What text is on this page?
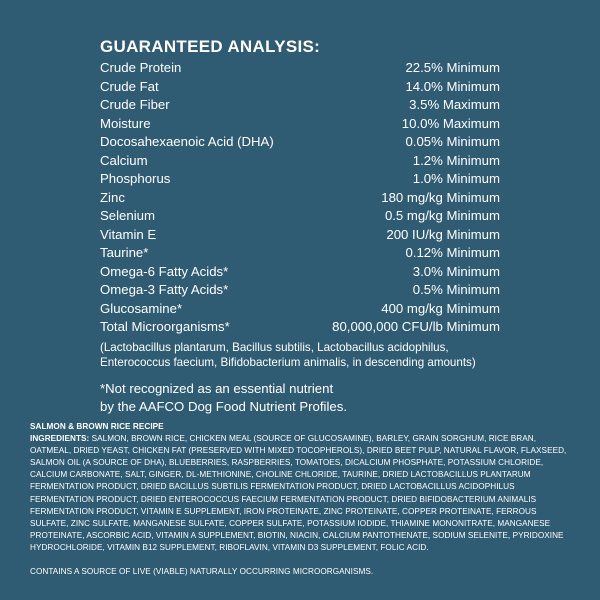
GUARANTEED ANALYSIS:
Crude Protein	22.5% Minimum
Crude Fat	14.0% Minimum
Crude Fiber	3.5% Maximum
Moisture	10.0% Maximum
Docosahexaenoic Acid (DHA)	0.05% Minimum
Calcium	1.2% Minimum
Phosphorus	1.0% Minimum
Zinc	180 mg/kg Minimum
Selenium	0.5 mg/kg Minimum
Vitamin E	200 IU/kg Minimum
Taurine*	0.12% Minimum
Omega-6 Fatty Acids*	3.0% Minimum
Omega-3 Fatty Acids*	0.5% Minimum
Glucosamine*	400 mg/kg Minimum
Total Microorganisms*	80,000,000 CFU/lb Minimum
(Lactobacillus plantarum, Bacillus subtilis, Lactobacillus acidophilus,
Enterococcus faecium, Bifidobacterium animalis, in descending amounts)
*Not recognized as an essential nutrient
by the AAFCO Dog Food Nutrient Profiles.
SALMON & BROWN RICE RECIPE
INGREDIENTS: SALMON, BROWN RICE, CHICKEN MEAL (SOURCE OF GLUCOSAMINE), BARLEY, GRAIN SORGHUM, RICE BRAN, OATMEAL, DRIED YEAST, CHICKEN FAT (PRESERVED WITH MIXED TOCOPHEROLS), DRIED BEET PULP, NATURAL FLAVOR, FLAXSEED, SALMON OIL (A SOURCE OF DHA), BLUEBERRIES, RASPBERRIES, TOMATOES, DICALCIUM PHOSPHATE, POTASSIUM CHLORIDE, CALCIUM CARBONATE, SALT, GINGER, DL-METHIONINE, CHOLINE CHLORIDE, TAURINE, DRIED LACTOBACILLUS PLANTARUM FERMENTATION PRODUCT, DRIED BACILLUS SUBTILIS FERMENTATION PRODUCT, DRIED LACTOBACILLUS ACIDOPHILUS FERMENTATION PRODUCT, DRIED ENTEROCOCCUS FAECIUM FERMENTATION PRODUCT, DRIED BIFIDOBACTERIUM ANIMALIS FERMENTATION PRODUCT, VITAMIN E SUPPLEMENT, IRON PROTEINATE, ZINC PROTEINATE, COPPER PROTEINATE, FERROUS SULFATE, ZINC SULFATE, MANGANESE SULFATE, COPPER SULFATE, POTASSIUM IODIDE, THIAMINE MONONITRATE, MANGANESE PROTEINATE, ASCORBIC ACID, VITAMIN A SUPPLEMENT, BIOTIN, NIACIN, CALCIUM PANTOTHENATE, SODIUM SELENITE, PYRIDOXINE HYDROCHLORIDE, VITAMIN B12 SUPPLEMENT, RIBOFLAVIN, VITAMIN D3 SUPPLEMENT, FOLIC ACID.
CONTAINS A SOURCE OF LIVE (VIABLE) NATURALLY OCCURRING MICROORGANISMS.
